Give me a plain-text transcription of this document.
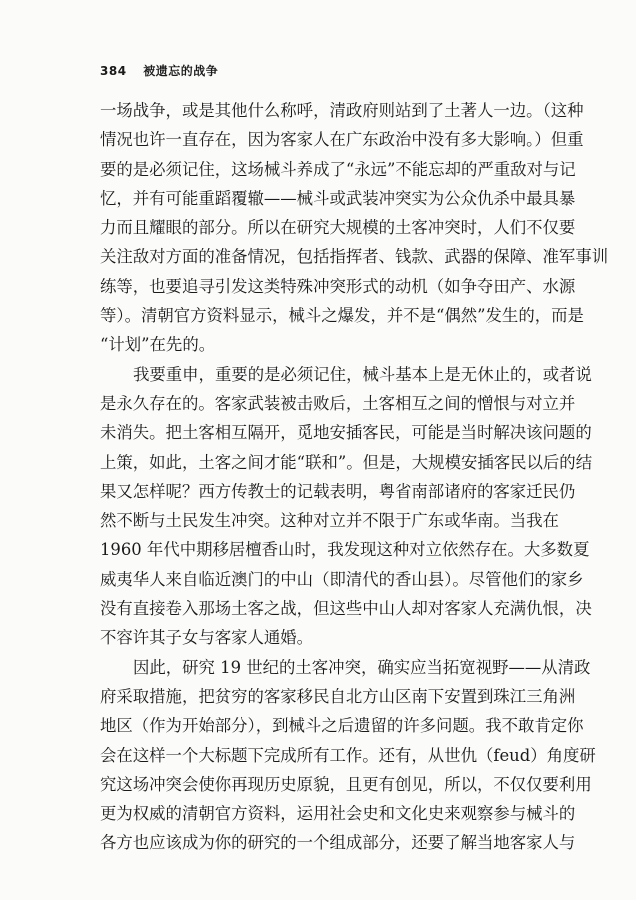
384 被遗忘的战争
一场战争，或是其他什么称呼，清政府则站到了土著人一边。（这种
情况也许一直存在，因为客家人在广东政治中没有多大影响。）但重
要的是必须记住，这场械斗养成了“永远”不能忘却的严重敌对与记
忆，并有可能重蹈覆辙——械斗或武装冲突实为公众仇杀中最具暴
力而且耀眼的部分。所以在研究大规模的土客冲突时，人们不仅要
关注敌对方面的准备情况，包括指挥者、钱款、武器的保障、准军事训
练等，也要追寻引发这类特殊冲突形式的动机（如争夺田产、水源
等）。清朝官方资料显示，械斗之爆发，并不是“偶然”发生的，而是
“计划”在先的。
我要重申，重要的是必须记住，械斗基本上是无休止的，或者说
是永久存在的。客家武装被击败后，土客相互之间的憎恨与对立并
未消失。把土客相互隔开，觅地安插客民，可能是当时解决该问题的
上策，如此，土客之间才能“联和”。但是，大规模安插客民以后的结
果又怎样呢？西方传教士的记载表明，粤省南部诸府的客家迁民仍
然不断与土民发生冲突。这种对立并不限于广东或华南。当我在
1960 年代中期移居檀香山时，我发现这种对立依然存在。大多数夏
威夷华人来自临近澳门的中山（即清代的香山县）。尽管他们的家乡
没有直接卷入那场土客之战，但这些中山人却对客家人充满仇恨，决
不容许其子女与客家人通婚。
因此，研究 19 世纪的土客冲突，确实应当拓宽视野——从清政
府采取措施，把贫穷的客家移民自北方山区南下安置到珠江三角洲
地区（作为开始部分），到械斗之后遗留的许多问题。我不敢肯定你
会在这样一个大标题下完成所有工作。还有，从世仇（feud）角度研
究这场冲突会使你再现历史原貌，且更有创见，所以，不仅仅要利用
更为权威的清朝官方资料，运用社会史和文化史来观察参与械斗的
各方也应该成为你的研究的一个组成部分，还要了解当地客家人与
